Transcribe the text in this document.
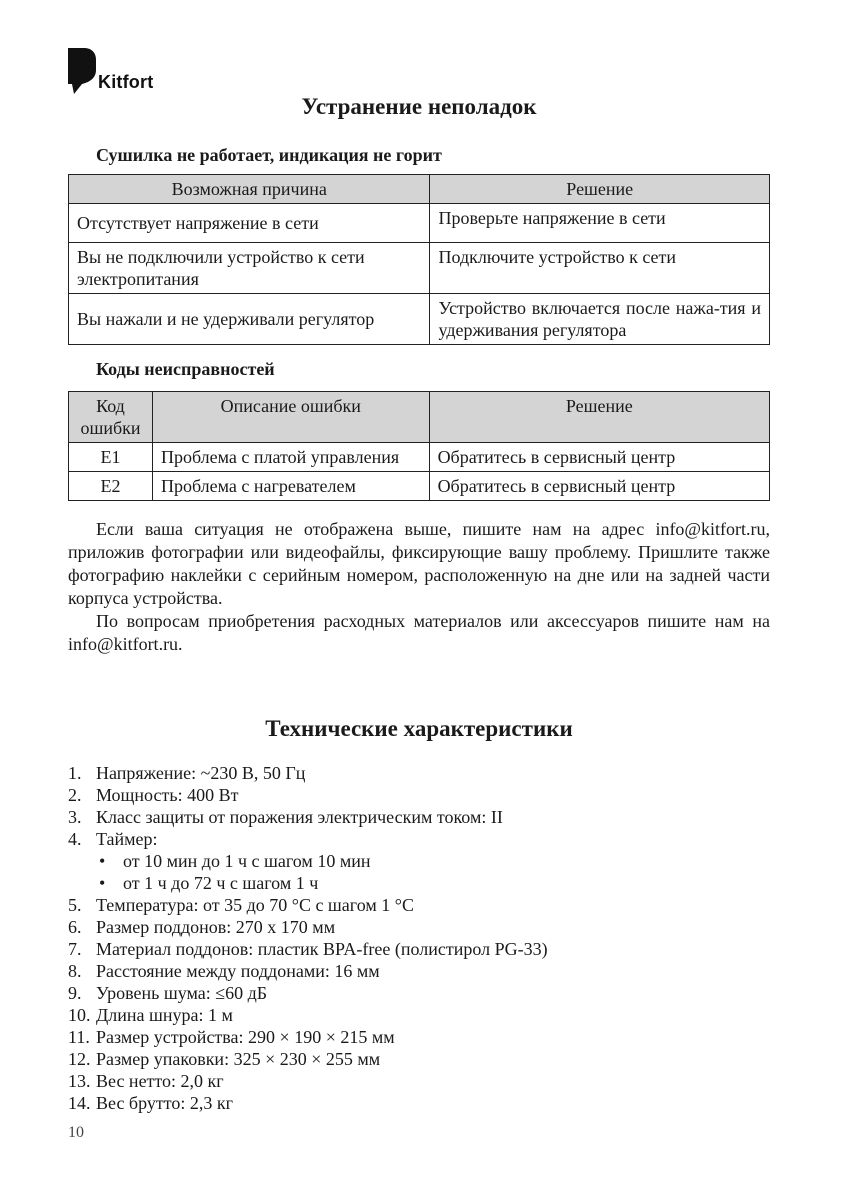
Kitfort
Устранение неполадок
Сушилка не работает, индикация не горит
Возможная причина	Решение
Отсутствует напряжение в сети	Проверьте напряжение в сети
Вы не подключили устройство к сети электропитания	Подключите устройство к сети
Вы нажали и не удерживали регулятор	Устройство включается после нажа-тия и удерживания регулятора
Коды неисправностей
Код ошибки	Описание ошибки	Решение
E1	Проблема с платой управления	Обратитесь в сервисный центр
E2	Проблема с нагревателем	Обратитесь в сервисный центр

Если ваша ситуация не отображена выше, пишите нам на адрес info@kitfort.ru, приложив фотографии или видеофайлы, фиксирующие вашу проблему. Пришлите также фотографию наклейки с серийным номером, расположенную на дне или на задней части корпуса устройства.

По вопросам приобретения расходных материалов или аксессуаров пишите нам на info@kitfort.ru.

Технические характеристики
1. Напряжение: ~230 В, 50 Гц
2. Мощность: 400 Вт
3. Класс защиты от поражения электрическим током: II
4. Таймер:
• от 10 мин до 1 ч с шагом 10 мин
• от 1 ч до 72 ч с шагом 1 ч
5. Температура: от 35 до 70 °C с шагом 1 °C
6. Размер поддонов: 270 x 170 мм
7. Материал поддонов: пластик BPA-free (полистирол PG-33)
8. Расстояние между поддонами: 16 мм
9. Уровень шума: ≤60 дБ
10. Длина шнура: 1 м
11. Размер устройства: 290 × 190 × 215 мм
12. Размер упаковки: 325 × 230 × 255 мм
13. Вес нетто: 2,0 кг
14. Вес брутто: 2,3 кг
10
